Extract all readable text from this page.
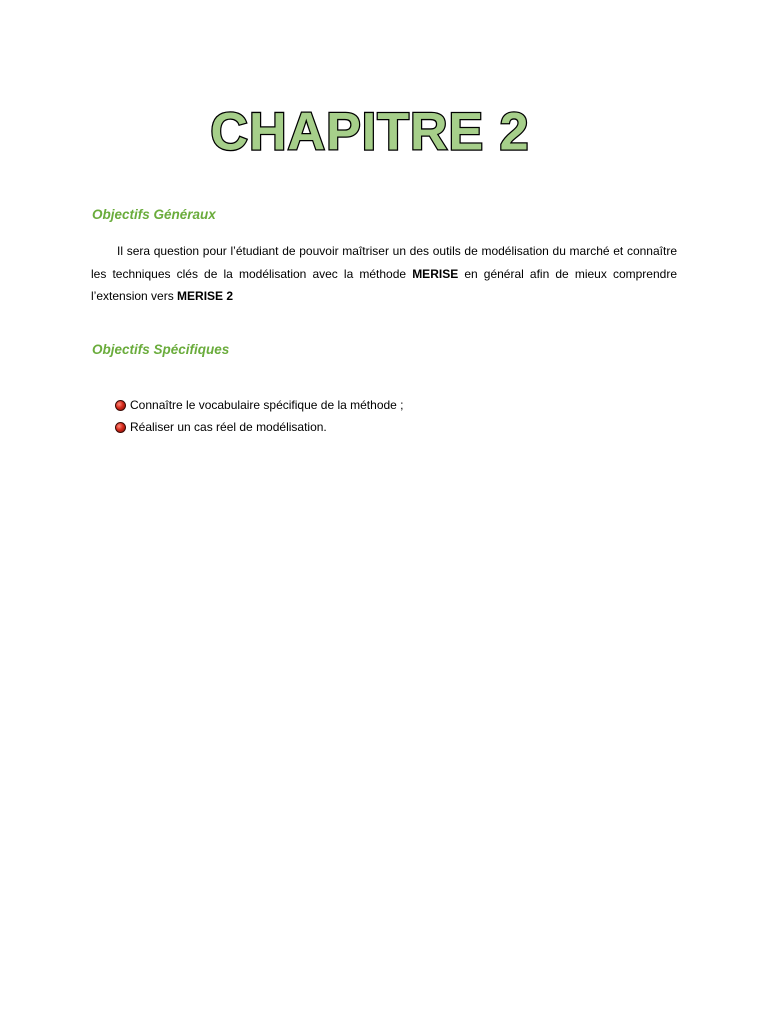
CHAPITRE 2
Objectifs Généraux

Il sera question pour l’étudiant de pouvoir maîtriser un des outils de modélisation du marché et connaître les techniques clés de la modélisation avec la méthode MERISE en général afin de mieux comprendre l’extension vers MERISE 2

Objectifs Spécifiques
Connaître le vocabulaire spécifique de la méthode ;
Réaliser un cas réel de modélisation.
